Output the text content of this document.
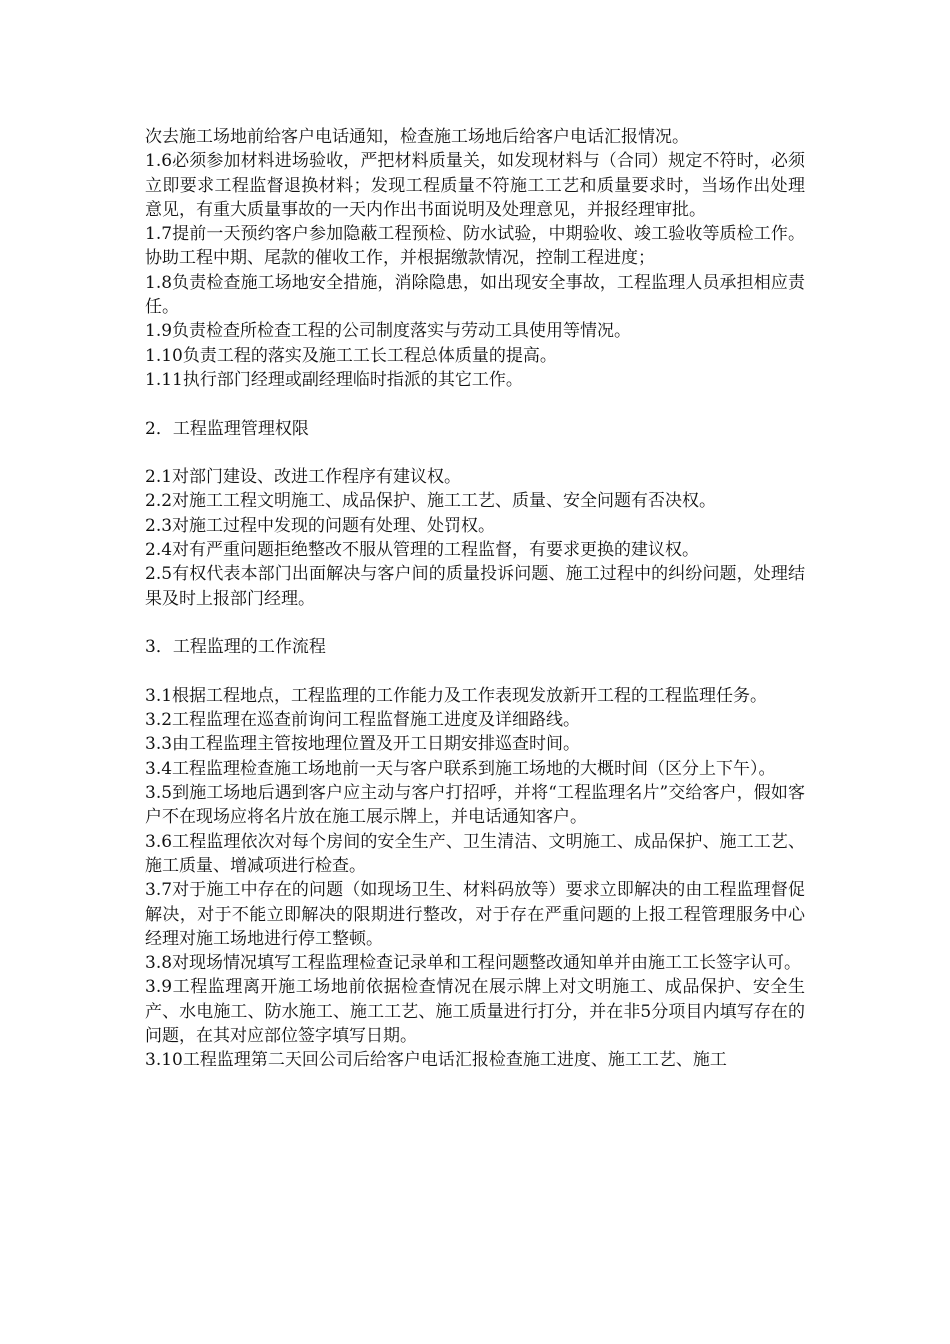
次去施工场地前给客户电话通知，检查施工场地后给客户电话汇报情况。

1.6必须参加材料进场验收，严把材料质量关，如发现材料与（合同）规定不符时，必须立即要求工程监督退换材料；发现工程质量不符施工工艺和质量要求时，当场作出处理意见，有重大质量事故的一天内作出书面说明及处理意见，并报经理审批。

1.7提前一天预约客户参加隐蔽工程预检、防水试验，中期验收、竣工验收等质检工作。协助工程中期、尾款的催收工作，并根据缴款情况，控制工程进度；

1.8负责检查施工场地安全措施，消除隐患，如出现安全事故，工程监理人员承担相应责任。

1.9负责检查所检查工程的公司制度落实与劳动工具使用等情况。

1.10负责工程的落实及施工工长工程总体质量的提高。

1.11执行部门经理或副经理临时指派的其它工作。

2．工程监理管理权限

2.1对部门建设、改进工作程序有建议权。

2.2对施工工程文明施工、成品保护、施工工艺、质量、安全问题有否决权。

2.3对施工过程中发现的问题有处理、处罚权。

2.4对有严重问题拒绝整改不服从管理的工程监督，有要求更换的建议权。

2.5有权代表本部门出面解决与客户间的质量投诉问题、施工过程中的纠纷问题，处理结果及时上报部门经理。

3．工程监理的工作流程

3.1根据工程地点，工程监理的工作能力及工作表现发放新开工程的工程监理任务。

3.2工程监理在巡查前询问工程监督施工进度及详细路线。

3.3由工程监理主管按地理位置及开工日期安排巡查时间。

3.4工程监理检查施工场地前一天与客户联系到施工场地的大概时间（区分上下午）。

3.5到施工场地后遇到客户应主动与客户打招呼，并将“工程监理名片”交给客户，假如客户不在现场应将名片放在施工展示牌上，并电话通知客户。

3.6工程监理依次对每个房间的安全生产、卫生清洁、文明施工、成品保护、施工工艺、施工质量、增减项进行检查。

3.7对于施工中存在的问题（如现场卫生、材料码放等）要求立即解决的由工程监理督促解决，对于不能立即解决的限期进行整改，对于存在严重问题的上报工程管理服务中心经理对施工场地进行停工整顿。

3.8对现场情况填写工程监理检查记录单和工程问题整改通知单并由施工工长签字认可。

3.9工程监理离开施工场地前依据检查情况在展示牌上对文明施工、成品保护、安全生产、水电施工、防水施工、施工工艺、施工质量进行打分，并在非5分项目内填写存在的问题，在其对应部位签字填写日期。

3.10工程监理第二天回公司后给客户电话汇报检查施工进度、施工工艺、施工
